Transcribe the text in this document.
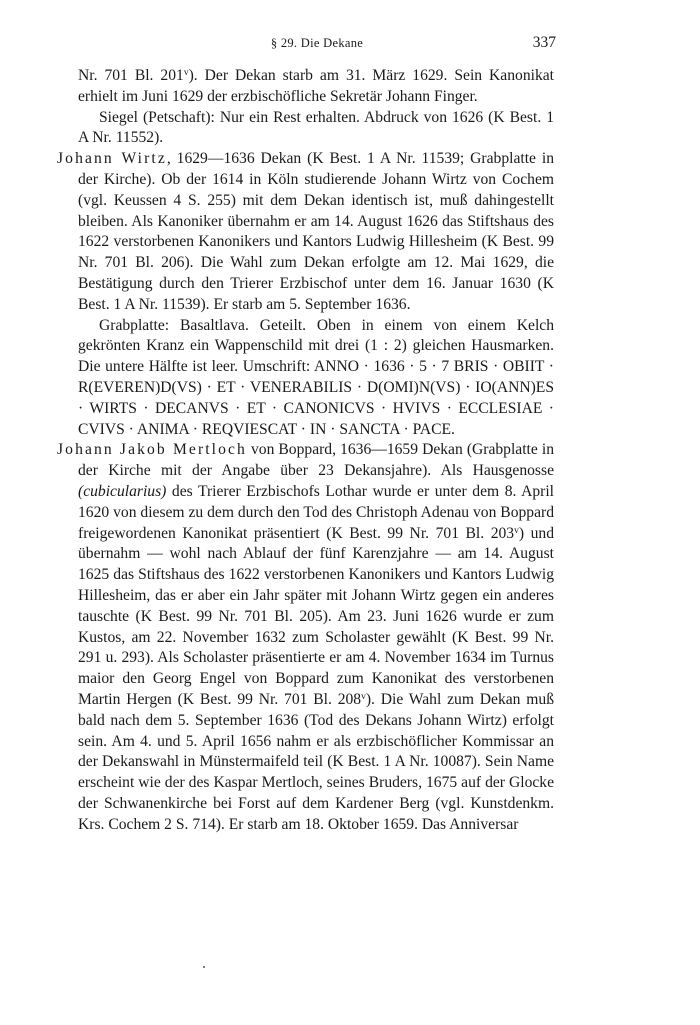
§ 29. Die Dekane	337

Nr. 701 Bl. 201$^v$). Der Dekan starb am 31. März 1629. Sein Kanonikat erhielt im Juni 1629 der erzbischöfliche Sekretär Johann Finger.

Siegel (Petschaft): Nur ein Rest erhalten. Abdruck von 1626 (K Best. 1 A Nr. 11552).

Johann Wirtz, 1629—1636 Dekan (K Best. 1 A Nr. 11539; Grabplatte in der Kirche). Ob der 1614 in Köln studierende Johann Wirtz von Cochem (vgl. Keussen 4 S. 255) mit dem Dekan identisch ist, muß dahingestellt bleiben. Als Kanoniker übernahm er am 14. August 1626 das Stiftshaus des 1622 verstorbenen Kanonikers und Kantors Ludwig Hillesheim (K Best. 99 Nr. 701 Bl. 206). Die Wahl zum Dekan erfolgte am 12. Mai 1629, die Bestätigung durch den Trierer Erzbischof unter dem 16. Januar 1630 (K Best. 1 A Nr. 11539). Er starb am 5. September 1636.

Grabplatte: Basaltlava. Geteilt. Oben in einem von einem Kelch gekrönten Kranz ein Wappenschild mit drei (1 : 2) gleichen Hausmarken. Die untere Hälfte ist leer. Umschrift: ANNO · 1636 · 5 · 7 BRIS · OBIIT · R(EVEREN)D(VS) · ET · VENERABILIS · D(OMI)N(VS) · IO(ANN)ES · WIRTS · DECANVS · ET · CANONICVS · HVIVS · ECCLESIAE · CVIVS · ANIMA · REQVIESCAT · IN · SANCTA · PACE.

Johann Jakob Mertloch von Boppard, 1636—1659 Dekan (Grabplatte in der Kirche mit der Angabe über 23 Dekansjahre). Als Hausgenosse (cubicularius) des Trierer Erzbischofs Lothar wurde er unter dem 8. April 1620 von diesem zu dem durch den Tod des Christoph Adenau von Boppard freigewordenen Kanonikat präsentiert (K Best. 99 Nr. 701 Bl. 203$^v$) und übernahm — wohl nach Ablauf der fünf Karenzjahre — am 14. August 1625 das Stiftshaus des 1622 verstorbenen Kanonikers und Kantors Ludwig Hillesheim, das er aber ein Jahr später mit Johann Wirtz gegen ein anderes tauschte (K Best. 99 Nr. 701 Bl. 205). Am 23. Juni 1626 wurde er zum Kustos, am 22. November 1632 zum Scholaster gewählt (K Best. 99 Nr. 291 u. 293). Als Scholaster präsentierte er am 4. November 1634 im Turnus maior den Georg Engel von Boppard zum Kanonikat des verstorbenen Martin Hergen (K Best. 99 Nr. 701 Bl. 208$^v$). Die Wahl zum Dekan muß bald nach dem 5. September 1636 (Tod des Dekans Johann Wirtz) erfolgt sein. Am 4. und 5. April 1656 nahm er als erzbischöflicher Kommissar an der Dekanswahl in Münstermaifeld teil (K Best. 1 A Nr. 10087). Sein Name erscheint wie der des Kaspar Mertloch, seines Bruders, 1675 auf der Glocke der Schwanenkirche bei Forst auf dem Kardener Berg (vgl. Kunstdenkm. Krs. Cochem 2 S. 714). Er starb am 18. Oktober 1659. Das Anniversar
